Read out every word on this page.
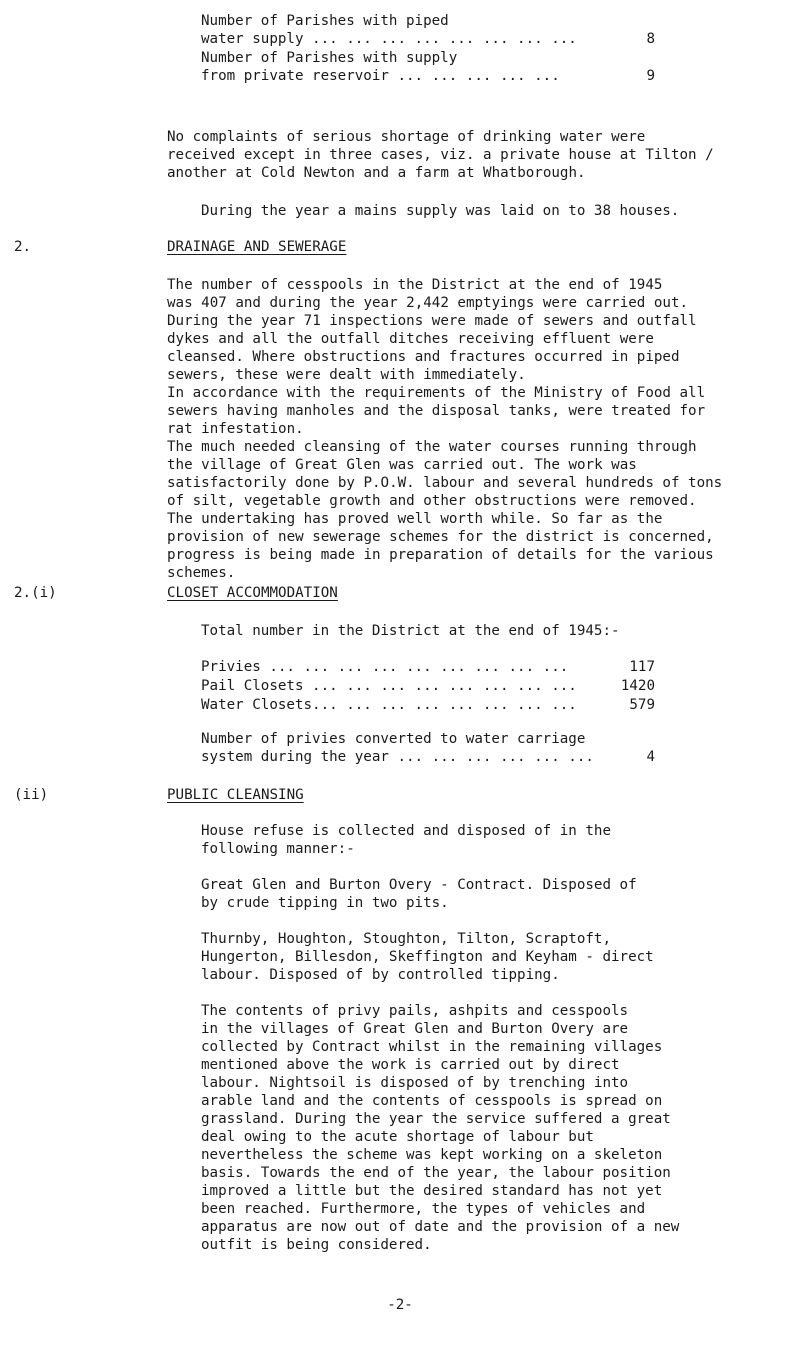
Number of Parishes with piped
water supply ... ... ... ... ... ... ... ...	8
Number of Parishes with supply
from private reservoir ... ... ... ... ...	9
No complaints of serious shortage of drinking water were
received except in three cases, viz. a private house at Tilton /
another at Cold Newton and a farm at Whatborough.
During the year a mains supply was laid on to 38 houses.
2.	DRAINAGE AND SEWERAGE
The number of cesspools in the District at the end of 1945
was 407 and during the year 2,442 emptyings were carried out.
During the year 71 inspections were made of sewers and outfall
dykes and all the outfall ditches receiving effluent were
cleansed. Where obstructions and fractures occurred in piped
sewers, these were dealt with immediately.
In accordance with the requirements of the Ministry of Food all
sewers having manholes and the disposal tanks, were treated for
rat infestation.
The much needed cleansing of the water courses running through
the village of Great Glen was carried out. The work was
satisfactorily done by P.O.W. labour and several hundreds of tons
of silt, vegetable growth and other obstructions were removed.
The undertaking has proved well worth while. So far as the
provision of new sewerage schemes for the district is concerned,
progress is being made in preparation of details for the various
schemes.
2.(i)	CLOSET ACCOMMODATION
Total number in the District at the end of 1945:-
Privies ... ... ... ... ... ... ... ... ...	117
Pail Closets ... ... ... ... ... ... ... ...	1420
Water Closets... ... ... ... ... ... ... ...	579
Number of privies converted to water carriage
system during the year ... ... ... ... ... ...	4
(ii)	PUBLIC CLEANSING
House refuse is collected and disposed of in the
following manner:-
Great Glen and Burton Overy - Contract. Disposed of
by crude tipping in two pits.
Thurnby, Houghton, Stoughton, Tilton, Scraptoft,
Hungerton, Billesdon, Skeffington and Keyham - direct
labour. Disposed of by controlled tipping.
The contents of privy pails, ashpits and cesspools
in the villages of Great Glen and Burton Overy are
collected by Contract whilst in the remaining villages
mentioned above the work is carried out by direct
labour. Nightsoil is disposed of by trenching into
arable land and the contents of cesspools is spread on
grassland. During the year the service suffered a great
deal owing to the acute shortage of labour but
nevertheless the scheme was kept working on a skeleton
basis. Towards the end of the year, the labour position
improved a little but the desired standard has not yet
been reached. Furthermore, the types of vehicles and
apparatus are now out of date and the provision of a new
outfit is being considered.
-2-
